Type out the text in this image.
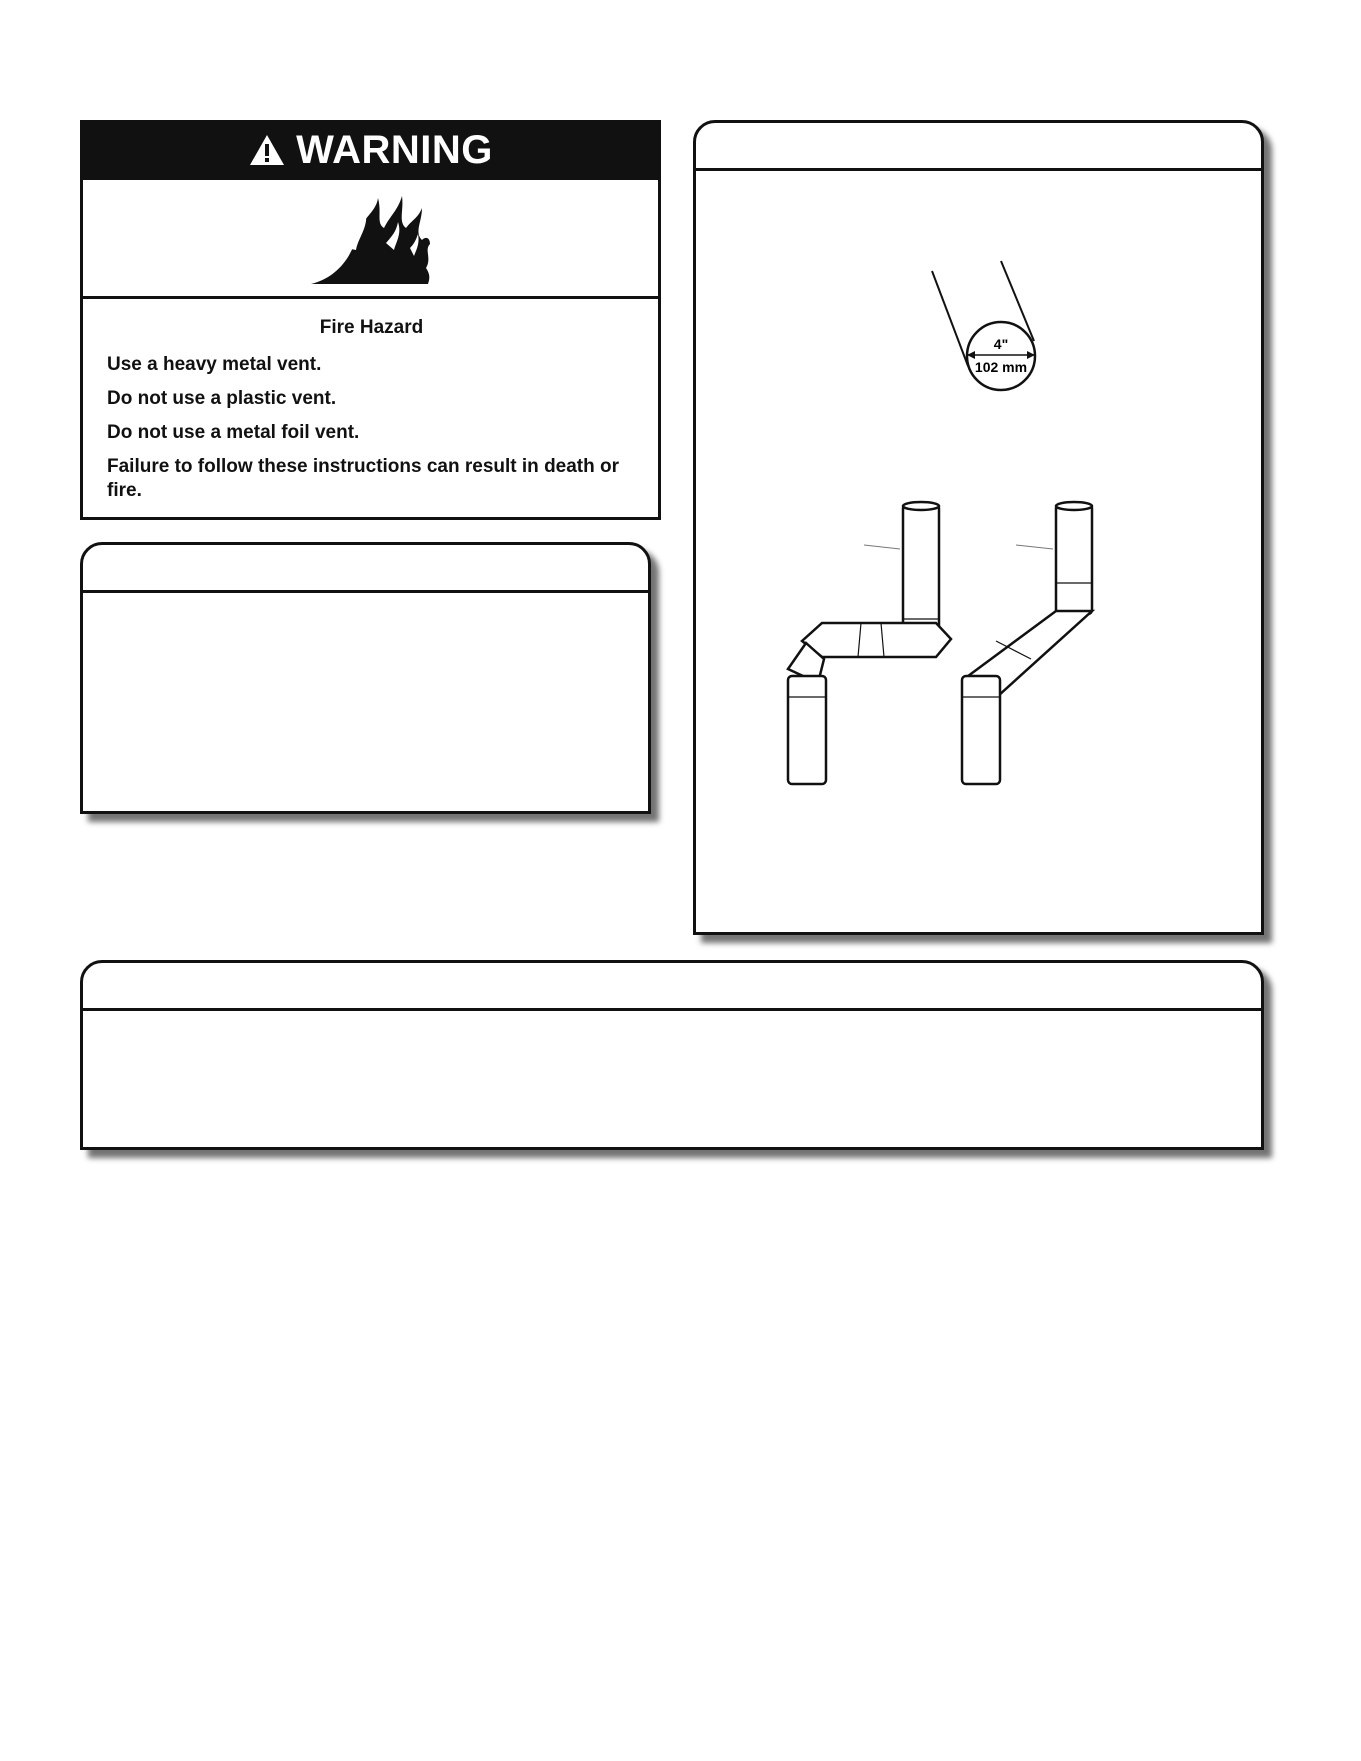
WARNING
Fire Hazard
Use a heavy metal vent.
Do not use a plastic vent.
Do not use a metal foil vent.
Failure to follow these instructions can result in death or fire.
4"
102 mm
